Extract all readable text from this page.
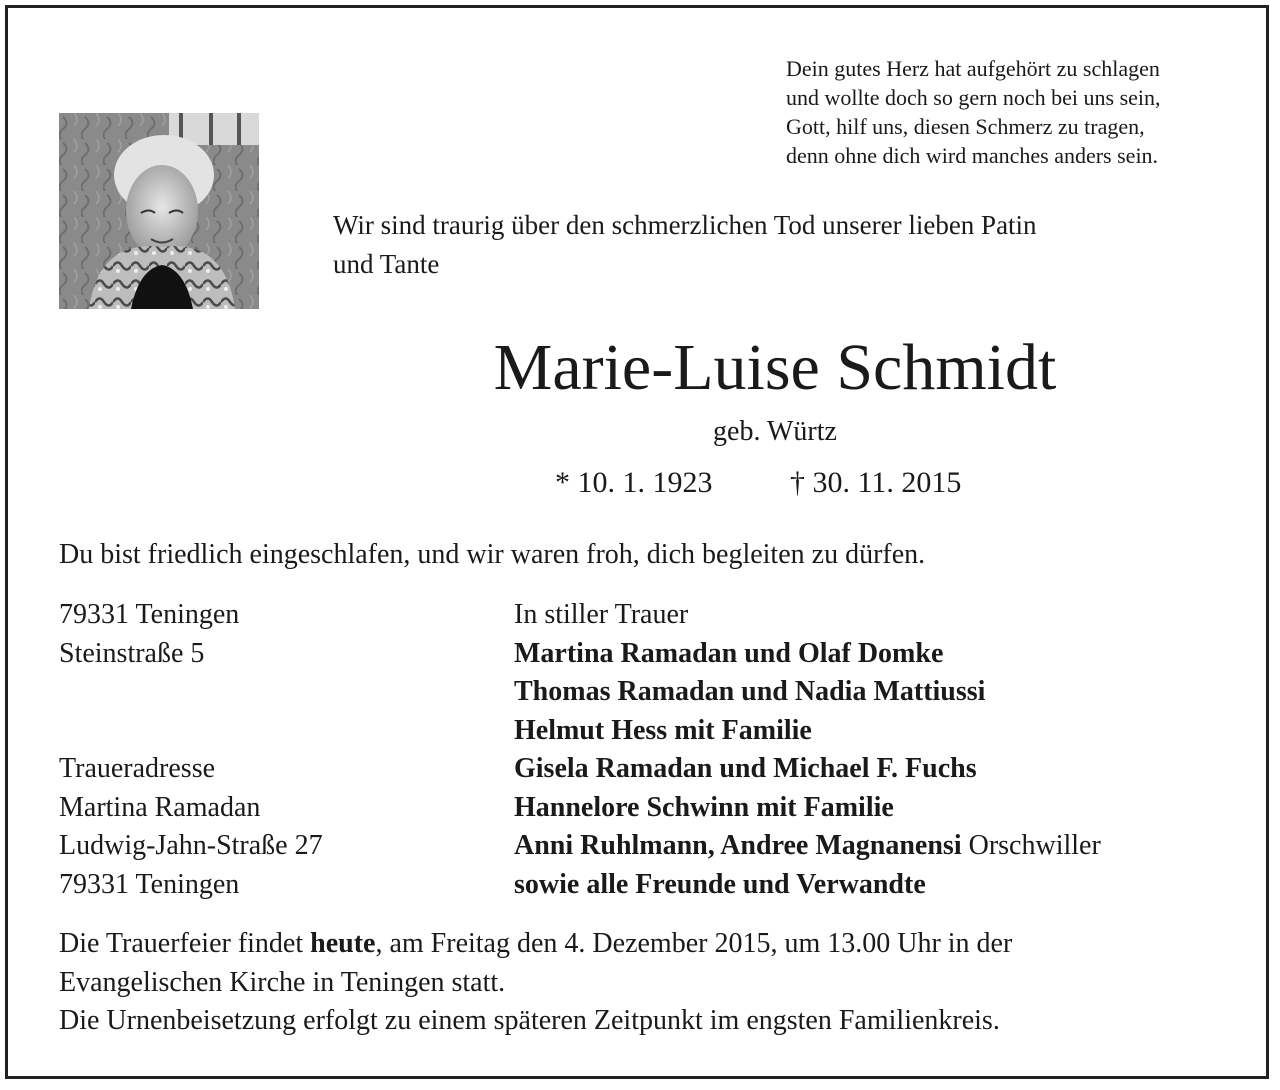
Dein gutes Herz hat aufgehört zu schlagen
und wollte doch so gern noch bei uns sein,
Gott, hilf uns, diesen Schmerz zu tragen,
denn ohne dich wird manches anders sein.
Wir sind traurig über den schmerzlichen Tod unserer lieben Patin
und Tante
Marie-Luise Schmidt
geb. Würtz
* 10. 1. 1923	† 30. 11. 2015
Du bist friedlich eingeschlafen, und wir waren froh, dich begleiten zu dürfen.
79331 Teningen
Steinstraße 5
Traueradresse
Martina Ramadan
Ludwig-Jahn-Straße 27
79331 Teningen
In stiller Trauer
Martina Ramadan und Olaf Domke
Thomas Ramadan und Nadia Mattiussi
Helmut Hess mit Familie
Gisela Ramadan und Michael F. Fuchs
Hannelore Schwinn mit Familie
Anni Ruhlmann, Andree Magnanensi Orschwiller
sowie alle Freunde und Verwandte

Die Trauerfeier findet heute, am Freitag den 4. Dezember 2015, um 13.00 Uhr in der

Evangelischen Kirche in Teningen statt.

Die Urnenbeisetzung erfolgt zu einem späteren Zeitpunkt im engsten Familienkreis.
